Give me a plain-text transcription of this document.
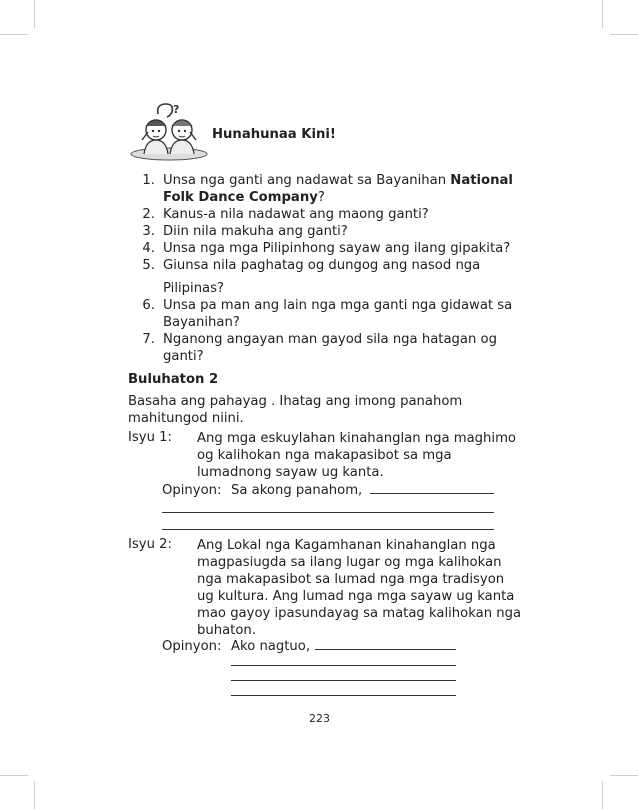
?
Hunahunaa Kini!
1. Unsa nga ganti ang nadawat sa Bayanihan National Folk Dance Company?
2. Kanus-a nila nadawat ang maong ganti?
3. Diin nila makuha ang ganti?
4. Unsa nga mga Pilipinhong sayaw ang ilang gipakita?
5. Giunsa nila paghatag og dungog ang nasod nga
Pilipinas?
6. Unsa pa man ang lain nga mga ganti nga gidawat sa Bayanihan?
7. Nganong angayan man gayod sila nga hatagan og ganti?
Buluhaton 2
Basaha ang pahayag . Ihatag ang imong panahom mahitungod niini.
Isyu 1: Ang mga eskuylahan kinahanglan nga maghimo og kalihokan nga makapasibot sa mga lumadnong sayaw ug kanta.
Opinyon: Sa akong panahom,
Isyu 2: Ang Lokal nga Kagamhanan kinahanglan nga magpasiugda sa ilang lugar og mga kalihokan nga makapasibot sa lumad nga mga tradisyon ug kultura. Ang lumad nga mga sayaw ug kanta mao gayoy ipasundayag sa matag kalihokan nga buhaton.
Opinyon: Ako nagtuo,
223
